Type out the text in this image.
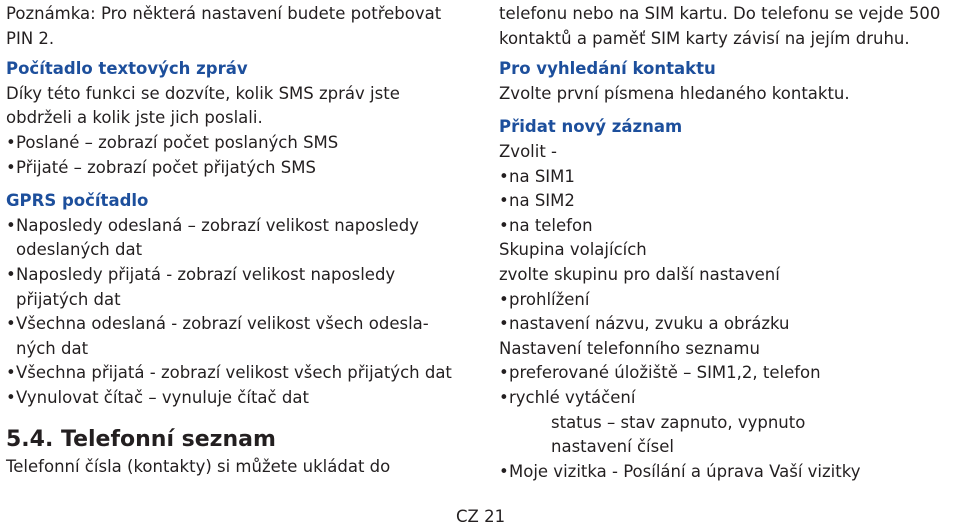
Poznámka: Pro některá nastavení budete potřebovat
PIN 2.
Počítadlo textových zpráv
Díky této funkci se dozvíte, kolik SMS zpráv jste
obdrželi a kolik jste jich poslali.
•Poslané – zobrazí počet poslaných SMS
•Přijaté – zobrazí počet přijatých SMS
GPRS počítadlo
•Naposledy odeslaná – zobrazí velikost naposledy
odeslaných dat
•Naposledy přijatá - zobrazí velikost naposledy
přijatých dat
•Všechna odeslaná - zobrazí velikost všech odesla-
ných dat
•Všechna přijatá - zobrazí velikost všech přijatých dat
•Vynulovat čítač – vynuluje čítač dat
5.4. Telefonní seznam
Telefonní čísla (kontakty) si můžete ukládat do
telefonu nebo na SIM kartu. Do telefonu se vejde 500
kontaktů a paměť SIM karty závisí na jejím druhu.
Pro vyhledání kontaktu
Zvolte první písmena hledaného kontaktu.
Přidat nový záznam
Zvolit -
•na SIM1
•na SIM2
•na telefon
Skupina volajících
zvolte skupinu pro další nastavení
•prohlížení
•nastavení názvu, zvuku a obrázku
Nastavení telefonního seznamu
•preferované úložiště – SIM1,2, telefon
•rychlé vytáčení
status – stav zapnuto, vypnuto
nastavení čísel
•Moje vizitka - Posílání a úprava Vaší vizitky
CZ 21
